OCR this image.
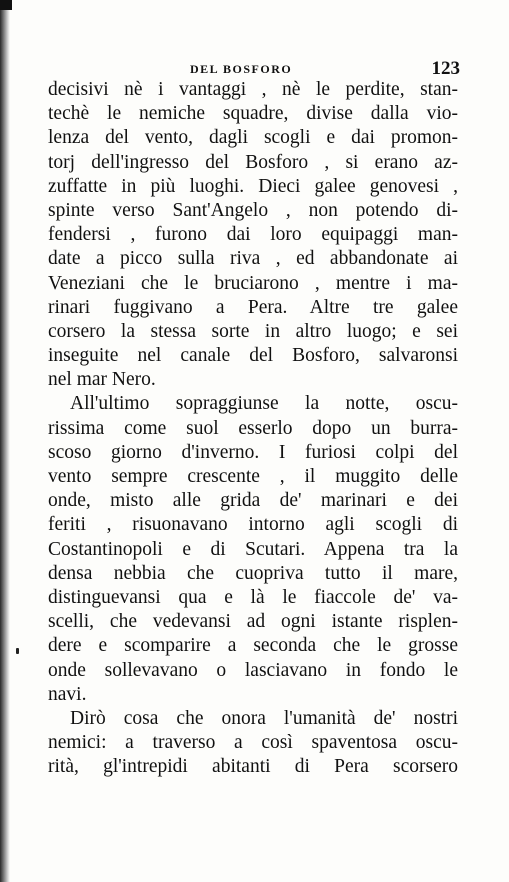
DEL BOSFORO	123
decisivi nè i vantaggi , nè le perdite, stan-
techè le nemiche squadre, divise dalla vio-
lenza del vento, dagli scogli e dai promon-
torj dell'ingresso del Bosforo , si erano az-
zuffatte in più luoghi. Dieci galee genovesi ,
spinte verso Sant'Angelo , non potendo di-
fendersi , furono dai loro equipaggi man-
date a picco sulla riva , ed abbandonate ai
Veneziani che le bruciarono , mentre i ma-
rinari fuggivano a Pera. Altre tre galee
corsero la stessa sorte in altro luogo; e sei
inseguite nel canale del Bosforo, salvaronsi
nel mar Nero.
All'ultimo sopraggiunse la notte, oscu-
rissima come suol esserlo dopo un burra-
scoso giorno d'inverno. I furiosi colpi del
vento sempre crescente , il muggito delle
onde, misto alle grida de' marinari e dei
feriti , risuonavano intorno agli scogli di
Costantinopoli e di Scutari. Appena tra la
densa nebbia che cuopriva tutto il mare,
distinguevansi qua e là le fiaccole de' va-
scelli, che vedevansi ad ogni istante risplen-
dere e scomparire a seconda che le grosse
onde sollevavano o lasciavano in fondo le
navi.
Dirò cosa che onora l'umanità de' nostri
nemici: a traverso a così spaventosa oscu-
rità, gl'intrepidi abitanti di Pera scorsero
